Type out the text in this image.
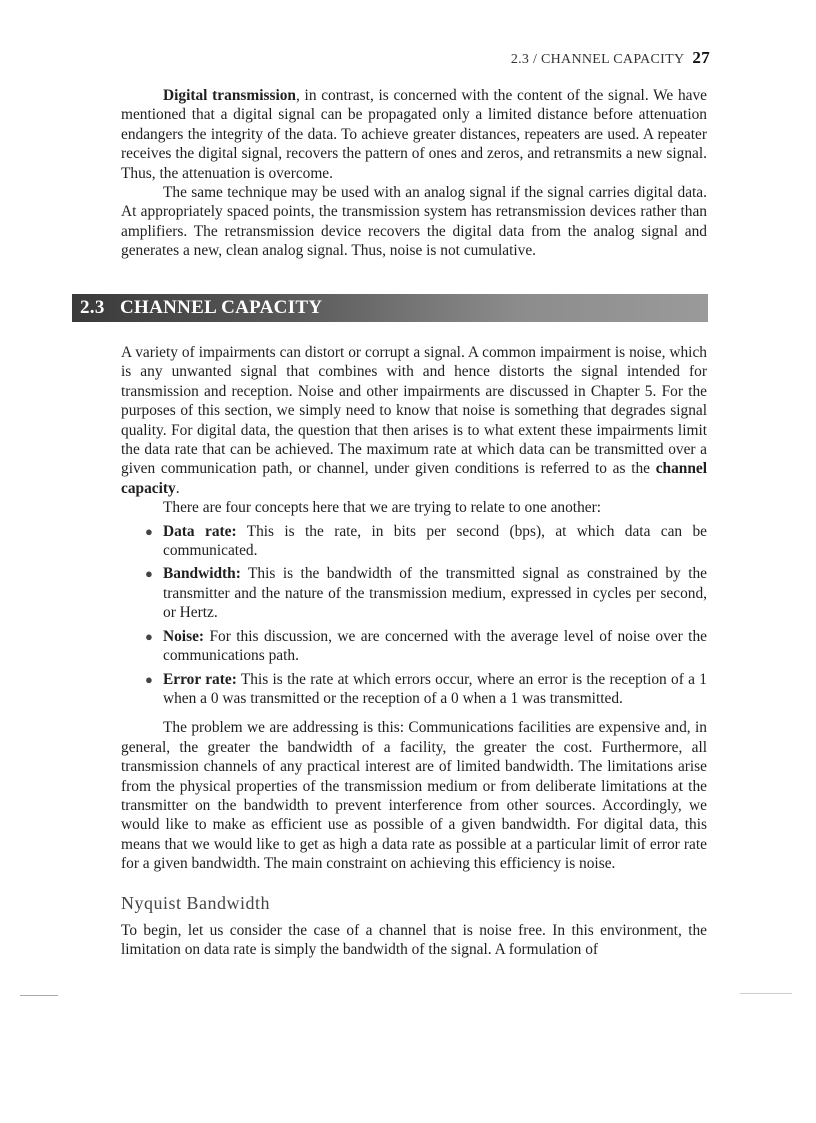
2.3 / CHANNEL CAPACITY 27

Digital transmission, in contrast, is concerned with the content of the signal. We have mentioned that a digital signal can be propagated only a limited distance before attenuation endangers the integrity of the data. To achieve greater distances, repeaters are used. A repeater receives the digital signal, recovers the pattern of ones and zeros, and retransmits a new signal. Thus, the attenuation is overcome.

The same technique may be used with an analog signal if the signal carries digital data. At appropriately spaced points, the transmission system has retransmission devices rather than amplifiers. The retransmission device recovers the digital data from the analog signal and generates a new, clean analog signal. Thus, noise is not cumulative.

2.3 CHANNEL CAPACITY

A variety of impairments can distort or corrupt a signal. A common impairment is noise, which is any unwanted signal that combines with and hence distorts the signal intended for transmission and reception. Noise and other impairments are discussed in Chapter 5. For the purposes of this section, we simply need to know that noise is something that degrades signal quality. For digital data, the question that then arises is to what extent these impairments limit the data rate that can be achieved. The maximum rate at which data can be transmitted over a given communication path, or channel, under given conditions is referred to as the channel capacity.

There are four concepts here that we are trying to relate to one another:

● Data rate: This is the rate, in bits per second (bps), at which data can be communicated.
● Bandwidth: This is the bandwidth of the transmitted signal as constrained by the transmitter and the nature of the transmission medium, expressed in cycles per second, or Hertz.
● Noise: For this discussion, we are concerned with the average level of noise over the communications path.
● Error rate: This is the rate at which errors occur, where an error is the reception of a 1 when a 0 was transmitted or the reception of a 0 when a 1 was transmitted.

The problem we are addressing is this: Communications facilities are expensive and, in general, the greater the bandwidth of a facility, the greater the cost. Furthermore, all transmission channels of any practical interest are of limited bandwidth. The limitations arise from the physical properties of the transmission medium or from deliberate limitations at the transmitter on the bandwidth to prevent interference from other sources. Accordingly, we would like to make as efficient use as possible of a given bandwidth. For digital data, this means that we would like to get as high a data rate as possible at a particular limit of error rate for a given bandwidth. The main constraint on achieving this efficiency is noise.

Nyquist Bandwidth

To begin, let us consider the case of a channel that is noise free. In this environment, the limitation on data rate is simply the bandwidth of the signal. A formulation of
